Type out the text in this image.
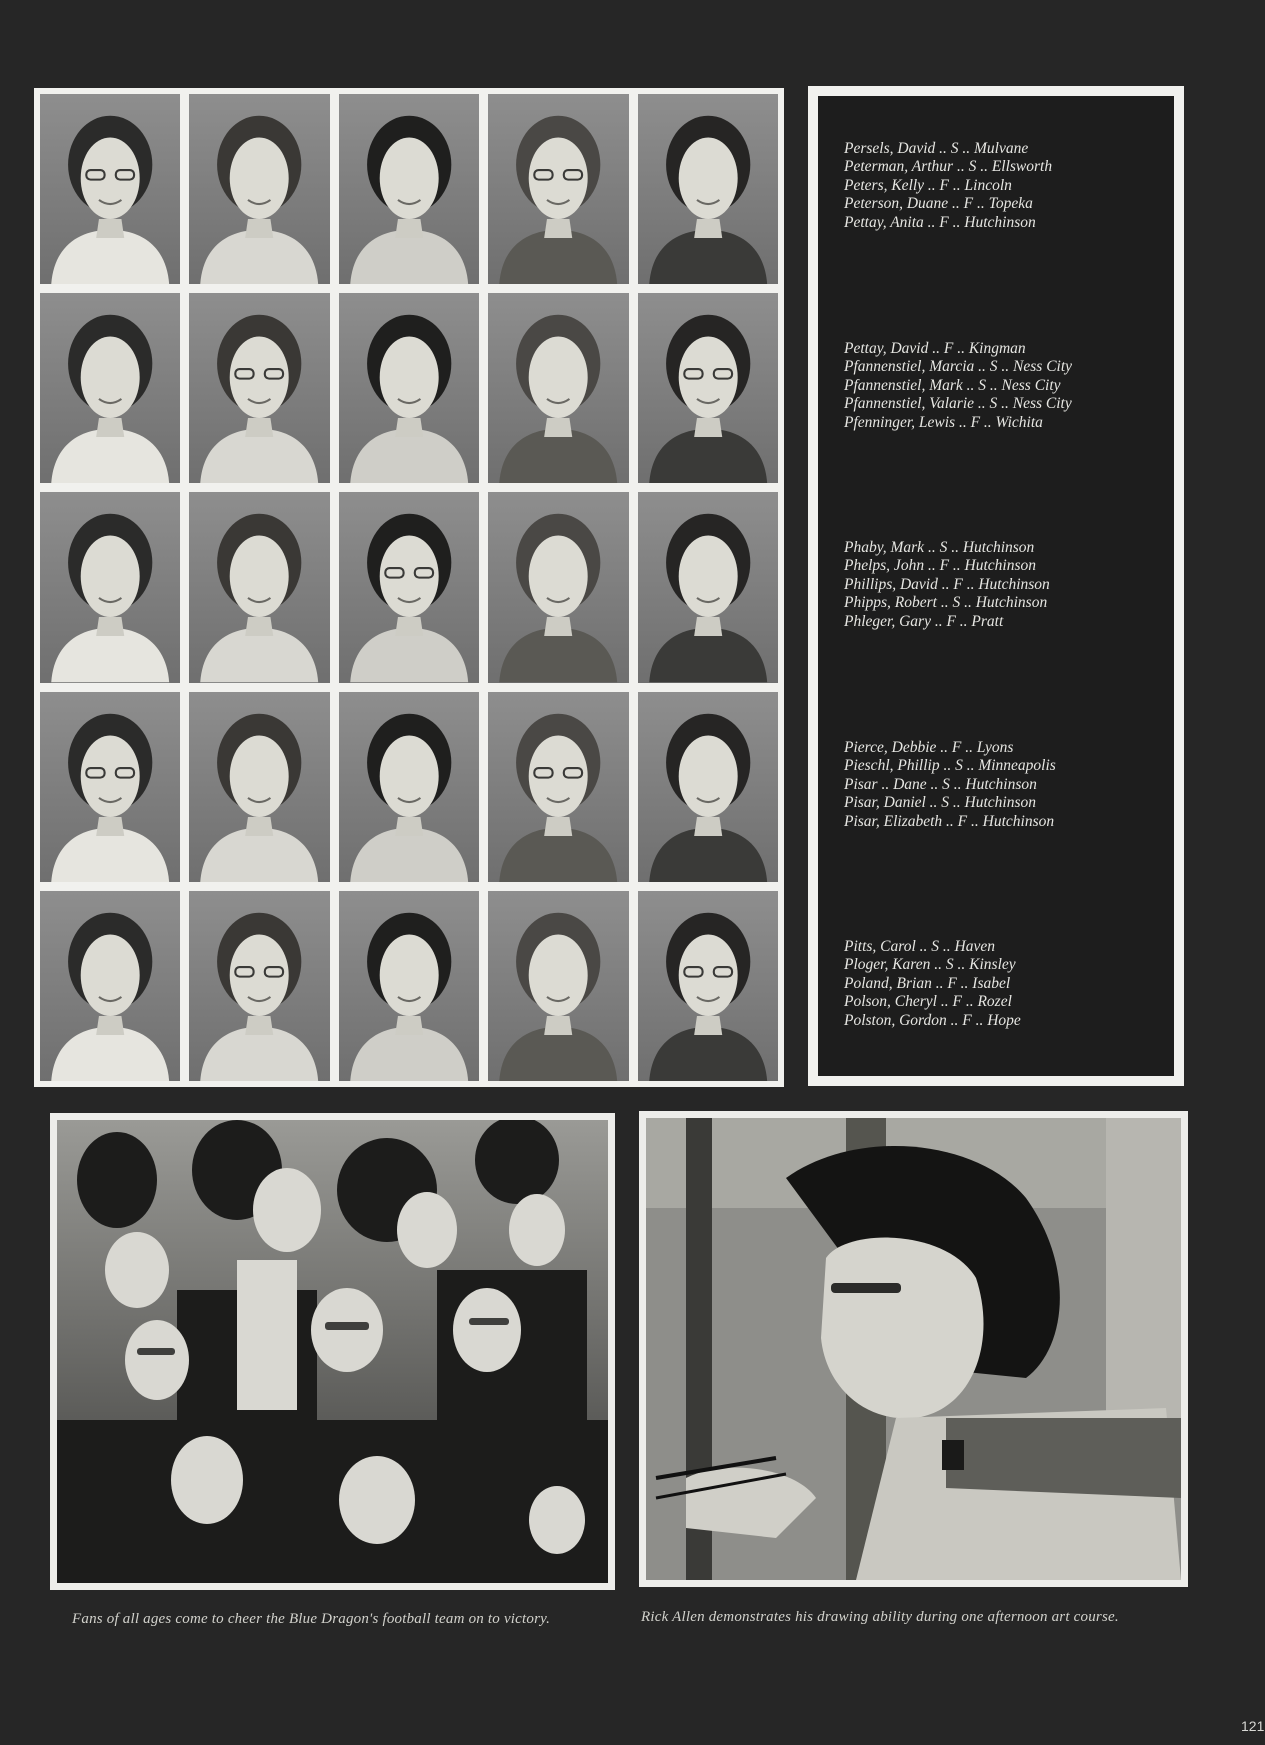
Persels, David .. S .. Mulvane
Peterman, Arthur .. S .. Ellsworth
Peters, Kelly .. F .. Lincoln
Peterson, Duane .. F .. Topeka
Pettay, Anita .. F .. Hutchinson
Pettay, David .. F .. Kingman
Pfannenstiel, Marcia .. S .. Ness City
Pfannenstiel, Mark .. S .. Ness City
Pfannenstiel, Valarie .. S .. Ness City
Pfenninger, Lewis .. F .. Wichita
Phaby, Mark .. S .. Hutchinson
Phelps, John .. F .. Hutchinson
Phillips, David .. F .. Hutchinson
Phipps, Robert .. S .. Hutchinson
Phleger, Gary .. F .. Pratt
Pierce, Debbie .. F .. Lyons
Pieschl, Phillip .. S .. Minneapolis
Pisar .. Dane .. S .. Hutchinson
Pisar, Daniel .. S .. Hutchinson
Pisar, Elizabeth .. F .. Hutchinson
Pitts, Carol .. S .. Haven
Ploger, Karen .. S .. Kinsley
Poland, Brian .. F .. Isabel
Polson, Cheryl .. F .. Rozel
Polston, Gordon .. F .. Hope
Fans of all ages come to cheer the Blue Dragon's football team on to victory.	Rick Allen demonstrates his drawing ability during one afternoon art course.
121
